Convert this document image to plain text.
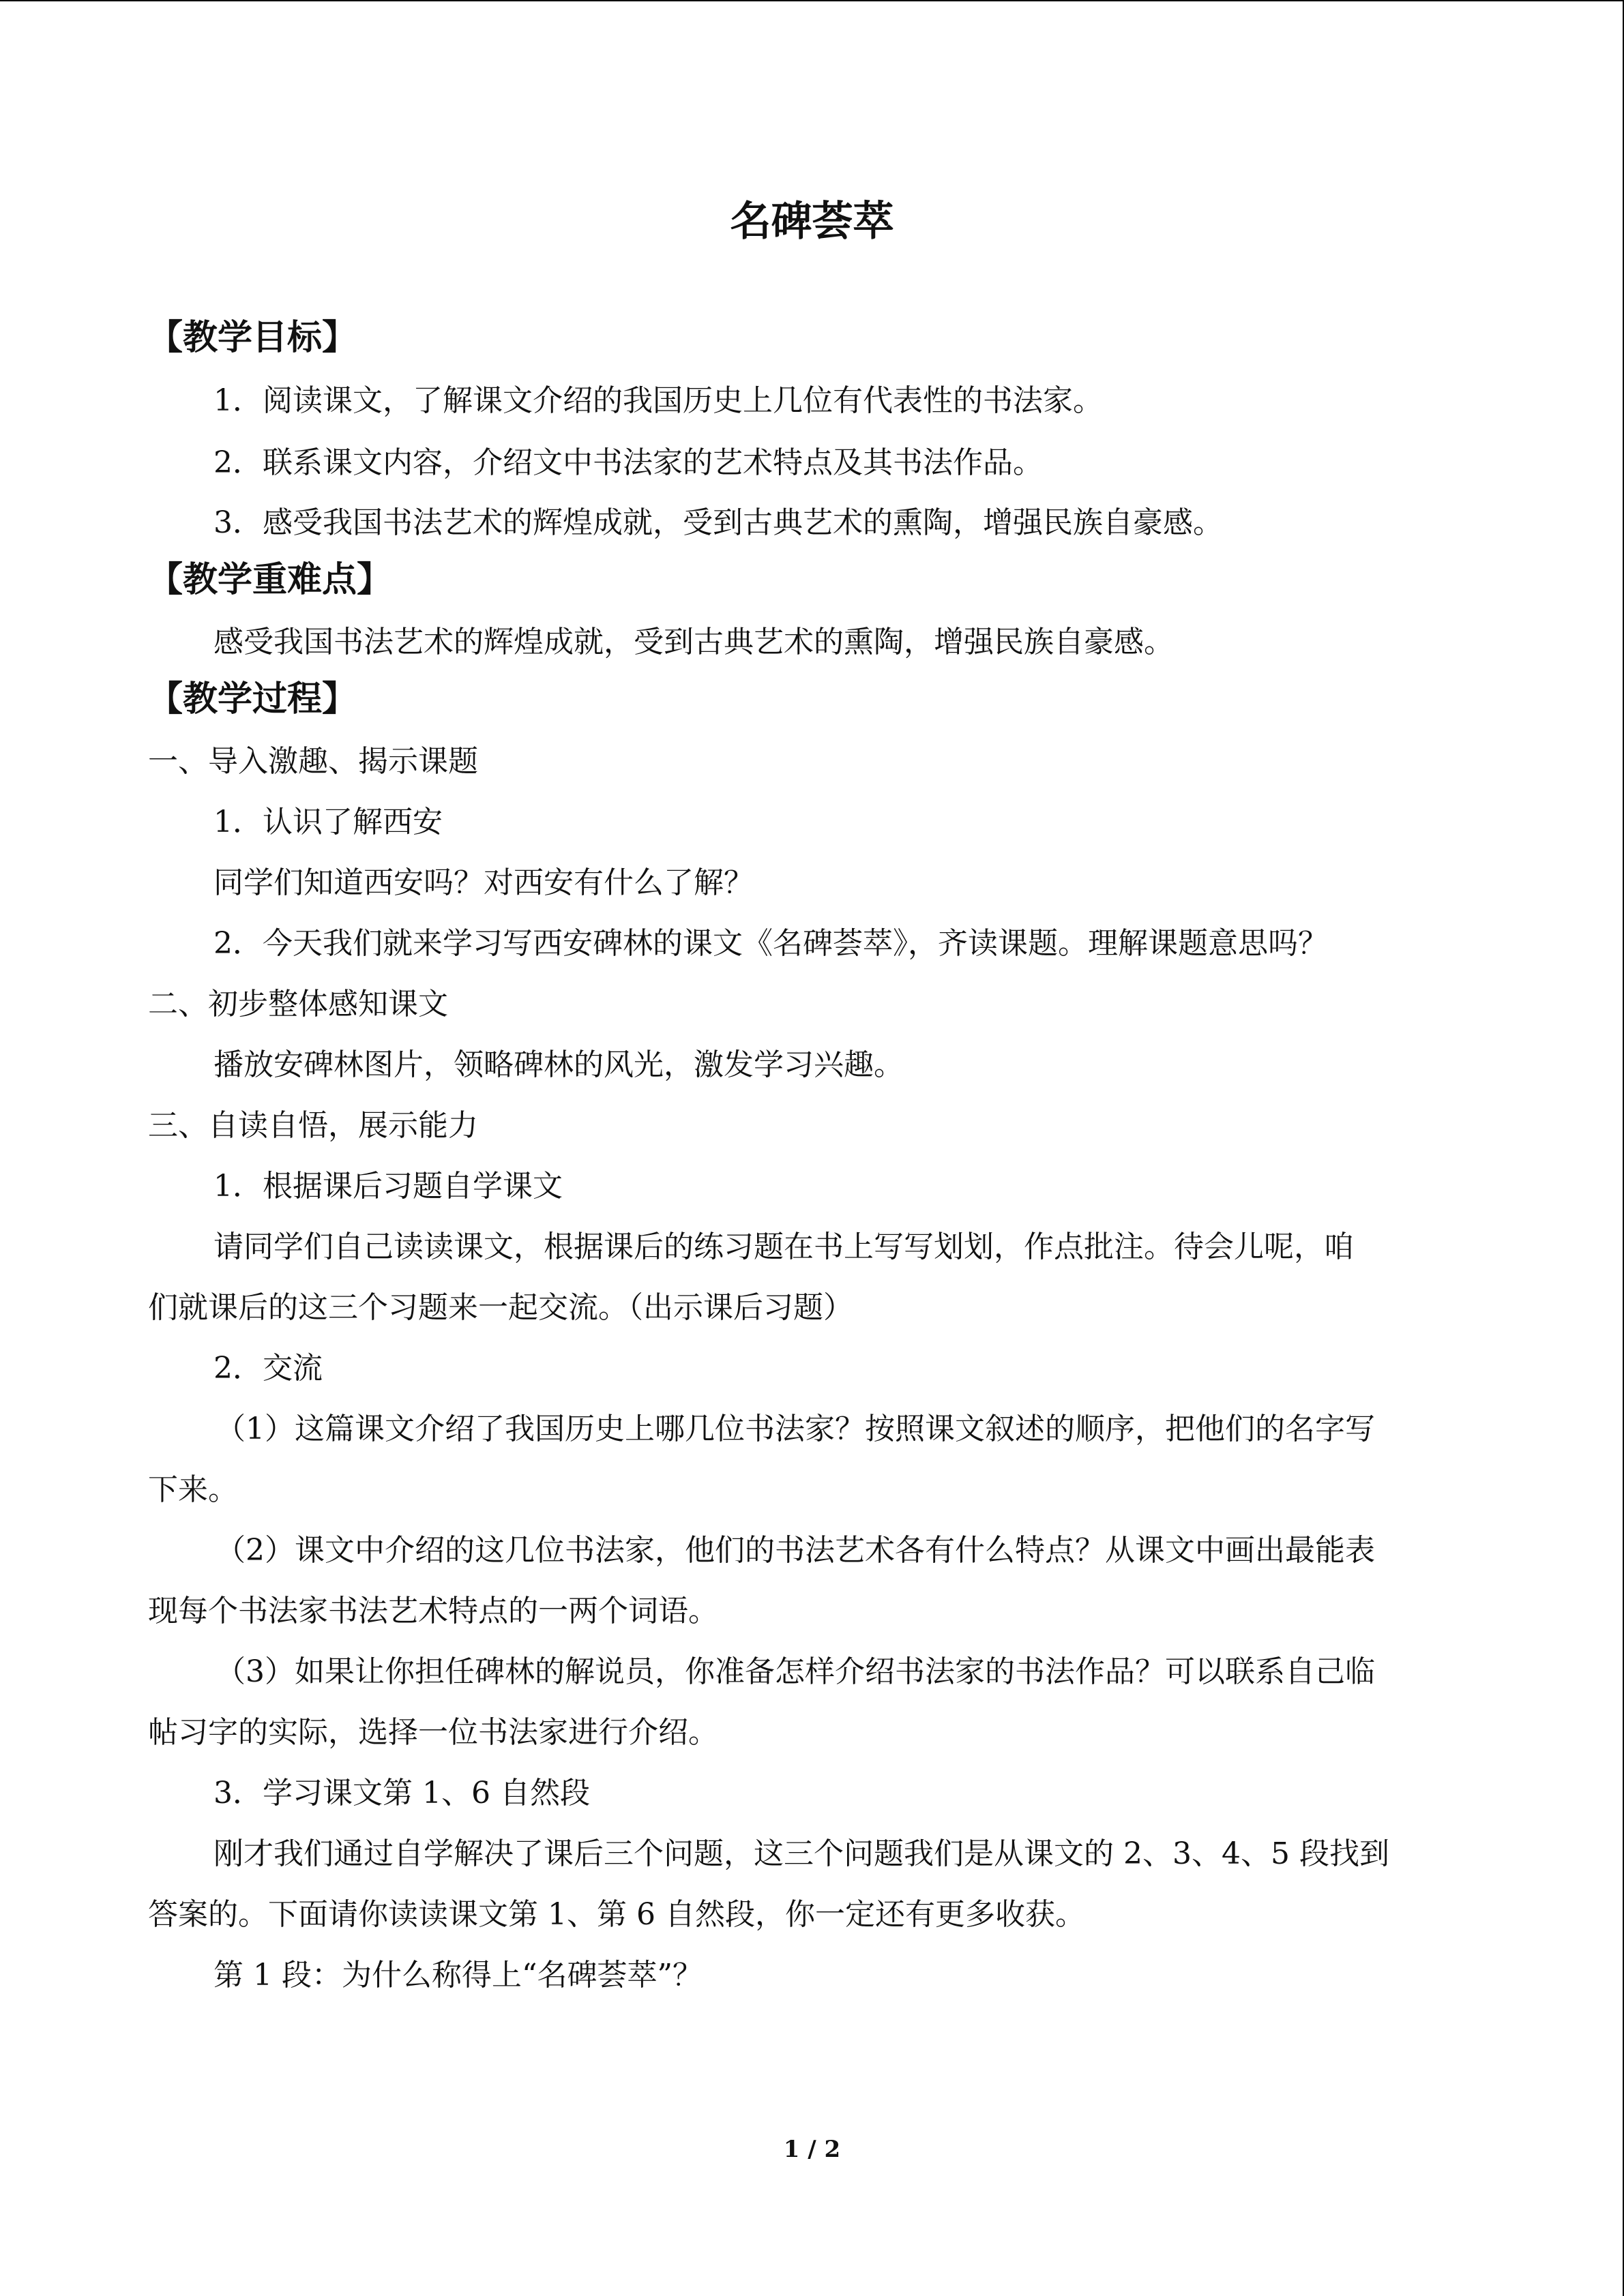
名碑荟萃
【教学目标】
1．阅读课文，了解课文介绍的我国历史上几位有代表性的书法家。
2．联系课文内容，介绍文中书法家的艺术特点及其书法作品。
3．感受我国书法艺术的辉煌成就，受到古典艺术的熏陶，增强民族自豪感。
【教学重难点】
感受我国书法艺术的辉煌成就，受到古典艺术的熏陶，增强民族自豪感。
【教学过程】
一、导入激趣、揭示课题
1．认识了解西安
同学们知道西安吗？对西安有什么了解？
2．今天我们就来学习写西安碑林的课文《名碑荟萃》，齐读课题。理解课题意思吗？
二、初步整体感知课文
播放安碑林图片，领略碑林的风光，激发学习兴趣。
三、自读自悟，展示能力
1．根据课后习题自学课文
请同学们自己读读课文，根据课后的练习题在书上写写划划，作点批注。待会儿呢，咱
们就课后的这三个习题来一起交流。（出示课后习题）
2．交流
（1）这篇课文介绍了我国历史上哪几位书法家？按照课文叙述的顺序，把他们的名字写
下来。
（2）课文中介绍的这几位书法家，他们的书法艺术各有什么特点？从课文中画出最能表
现每个书法家书法艺术特点的一两个词语。
（3）如果让你担任碑林的解说员，你准备怎样介绍书法家的书法作品？可以联系自己临
帖习字的实际，选择一位书法家进行介绍。
3．学习课文第 1、6 自然段
刚才我们通过自学解决了课后三个问题，这三个问题我们是从课文的 2、3、4、5 段找到
答案的。下面请你读读课文第 1、第 6 自然段，你一定还有更多收获。
第 1 段：为什么称得上“名碑荟萃”？
1 / 2
